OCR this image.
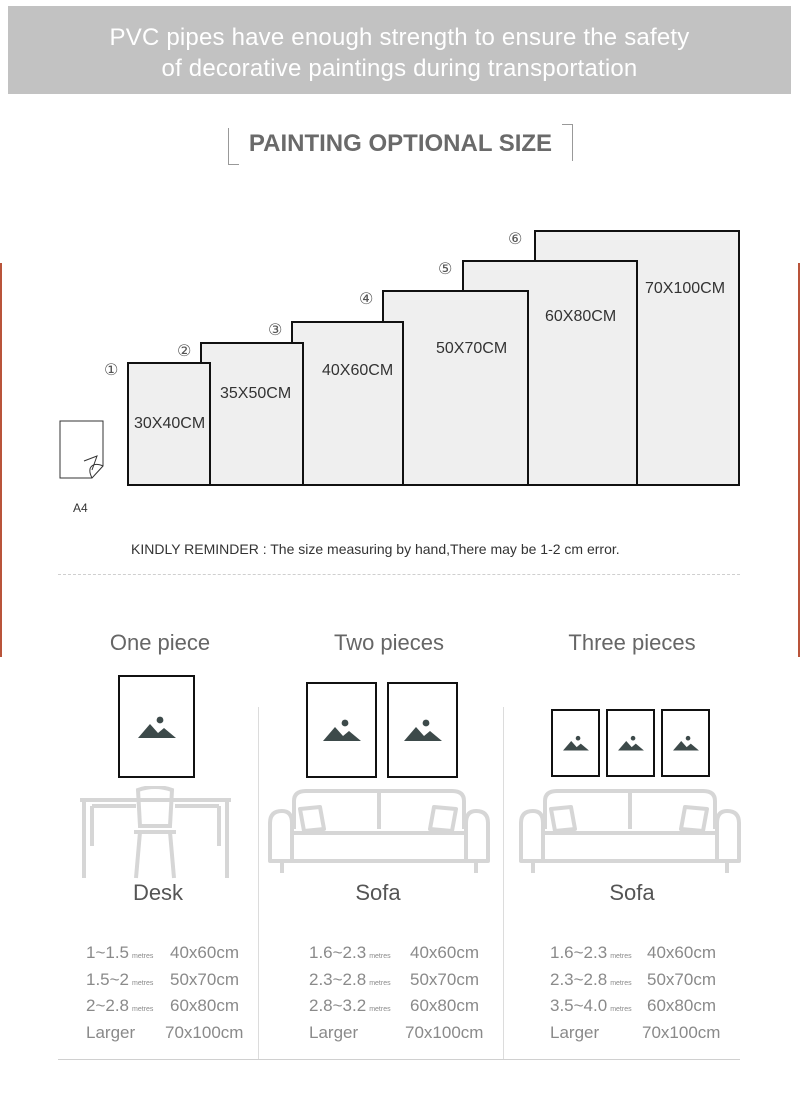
PVC pipes have enough strength to ensure the safety
of decorative paintings during transportation
PAINTING OPTIONAL SIZE
30X40CM
35X50CM
40X60CM
50X70CM
60X80CM
70X100CM
①
②
③
④
⑤
⑥
A4
KINDLY REMINDER : The size measuring by hand,There may be 1-2 cm error.
One piece	Two pieces	Three pieces
Desk	Sofa	Sofa
1~1.5 metres 40x60cm
1.5~2 metres 50x70cm
2~2.8 metres 60x80cm
Larger 70x100cm
1.6~2.3 metres 40x60cm
2.3~2.8 metres 50x70cm
2.8~3.2 metres 60x80cm
Larger	70x100cm
1.6~2.3 metres 40x60cm
2.3~2.8 metres 50x70cm
3.5~4.0 metres 60x80cm
Larger	70x100cm
